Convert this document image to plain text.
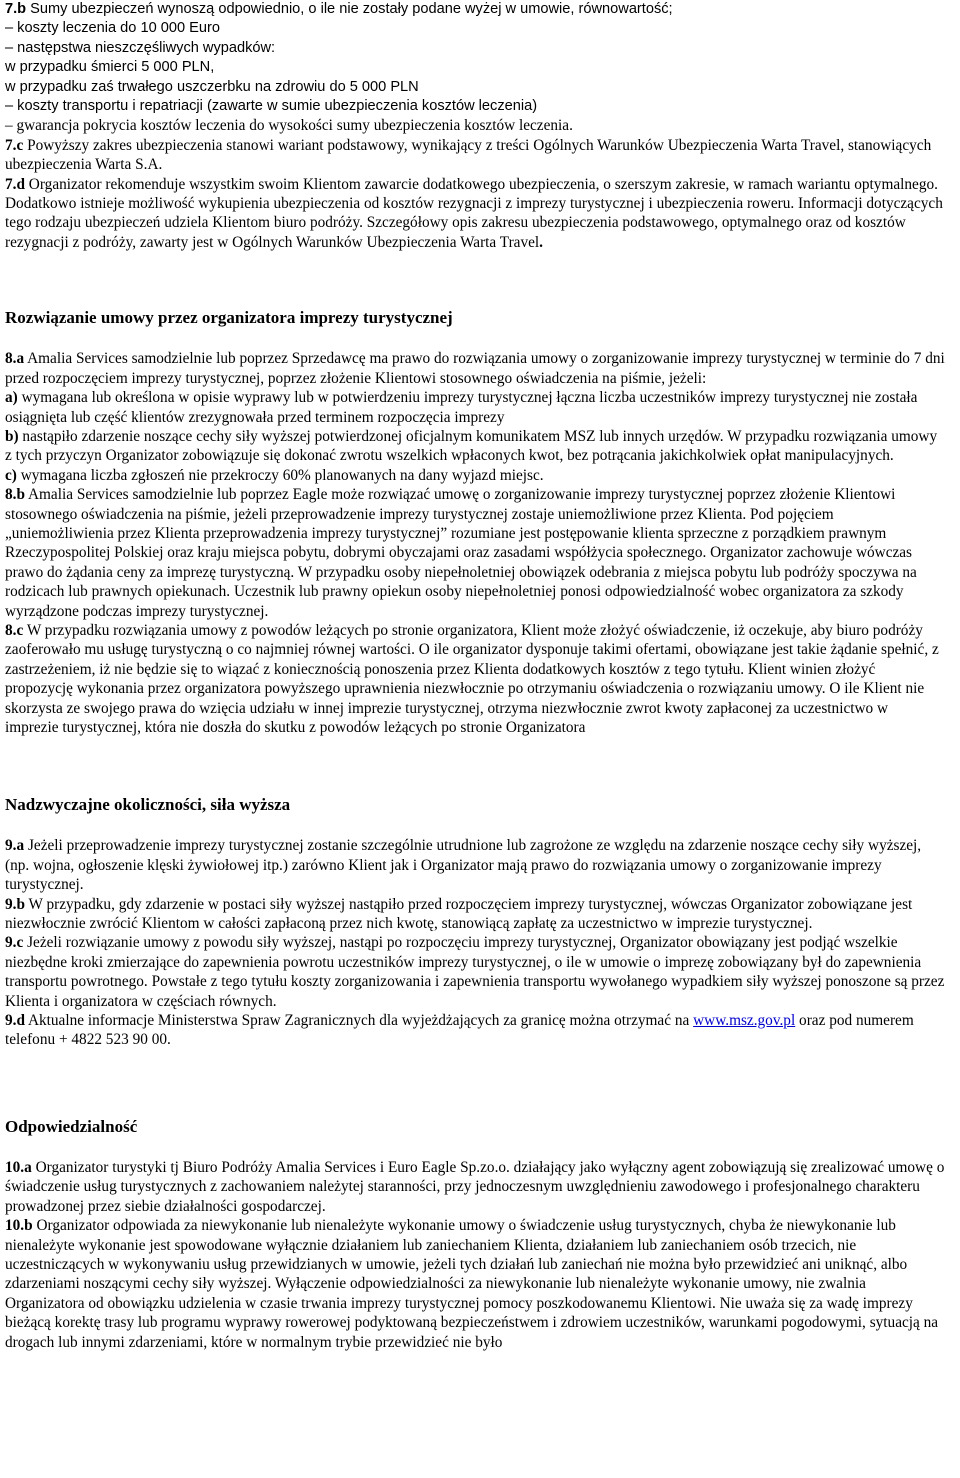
7.b Sumy ubezpieczeń wynoszą odpowiednio, o ile nie zostały podane wyżej w umowie, równowartość;

– koszty leczenia do 10 000 Euro

– następstwa nieszczęśliwych wypadków:

w przypadku śmierci 5 000 PLN,

w przypadku zaś trwałego uszczerbku na zdrowiu do 5 000 PLN

– koszty transportu i repatriacji (zawarte w sumie ubezpieczenia kosztów leczenia)

– gwarancja pokrycia kosztów leczenia do wysokości sumy ubezpieczenia kosztów leczenia.

7.c Powyższy zakres ubezpieczenia stanowi wariant podstawowy, wynikający z treści Ogólnych Warunków Ubezpieczenia Warta Travel, stanowiących ubezpieczenia Warta S.A.

7.d Organizator rekomenduje wszystkim swoim Klientom zawarcie dodatkowego ubezpieczenia, o szerszym zakresie, w ramach wariantu optymalnego. Dodatkowo istnieje możliwość wykupienia ubezpieczenia od kosztów rezygnacji z imprezy turystycznej i ubezpieczenia roweru. Informacji dotyczących tego rodzaju ubezpieczeń udziela Klientom biuro podróży. Szczegółowy opis zakresu ubezpieczenia podstawowego, optymalnego oraz od kosztów rezygnacji z podróży, zawarty jest w Ogólnych Warunków Ubezpieczenia Warta Travel.

Rozwiązanie umowy przez organizatora imprezy turystycznej

8.a Amalia Services samodzielnie lub poprzez Sprzedawcę ma prawo do rozwiązania umowy o zorganizowanie imprezy turystycznej w terminie do 7 dni przed rozpoczęciem imprezy turystycznej, poprzez złożenie Klientowi stosownego oświadczenia na piśmie, jeżeli:

a) wymagana lub określona w opisie wyprawy lub w potwierdzeniu imprezy turystycznej łączna liczba uczestników imprezy turystycznej nie została osiągnięta lub część klientów zrezygnowała przed terminem rozpoczęcia imprezy

b) nastąpiło zdarzenie noszące cechy siły wyższej potwierdzonej oficjalnym komunikatem MSZ lub innych urzędów. W przypadku rozwiązania umowy z tych przyczyn Organizator zobowiązuje się dokonać zwrotu wszelkich wpłaconych kwot, bez potrącania jakichkolwiek opłat manipulacyjnych.

c) wymagana liczba zgłoszeń nie przekroczy 60% planowanych na dany wyjazd miejsc.

8.b Amalia Services samodzielnie lub poprzez Eagle może rozwiązać umowę o zorganizowanie imprezy turystycznej poprzez złożenie Klientowi stosownego oświadczenia na piśmie, jeżeli przeprowadzenie imprezy turystycznej zostaje uniemożliwione przez Klienta. Pod pojęciem „uniemożliwienia przez Klienta przeprowadzenia imprezy turystycznej” rozumiane jest postępowanie klienta sprzeczne z porządkiem prawnym Rzeczypospolitej Polskiej oraz kraju miejsca pobytu, dobrymi obyczajami oraz zasadami współżycia społecznego. Organizator zachowuje wówczas prawo do żądania ceny za imprezę turystyczną. W przypadku osoby niepełnoletniej obowiązek odebrania z miejsca pobytu lub podróży spoczywa na rodzicach lub prawnych opiekunach. Uczestnik lub prawny opiekun osoby niepełnoletniej ponosi odpowiedzialność wobec organizatora za szkody wyrządzone podczas imprezy turystycznej.

8.c W przypadku rozwiązania umowy z powodów leżących po stronie organizatora, Klient może złożyć oświadczenie, iż oczekuje, aby biuro podróży zaoferowało mu usługę turystyczną o co najmniej równej wartości. O ile organizator dysponuje takimi ofertami, obowiązane jest takie żądanie spełnić, z zastrzeżeniem, iż nie będzie się to wiązać z koniecznością ponoszenia przez Klienta dodatkowych kosztów z tego tytułu. Klient winien złożyć propozycję wykonania przez organizatora powyższego uprawnienia niezwłocznie po otrzymaniu oświadczenia o rozwiązaniu umowy. O ile Klient nie skorzysta ze swojego prawa do wzięcia udziału w innej imprezie turystycznej, otrzyma niezwłocznie zwrot kwoty zapłaconej za uczestnictwo w imprezie turystycznej, która nie doszła do skutku z powodów leżących po stronie Organizatora

Nadzwyczajne okoliczności, siła wyższa

9.a Jeżeli przeprowadzenie imprezy turystycznej zostanie szczególnie utrudnione lub zagrożone ze względu na zdarzenie noszące cechy siły wyższej, (np. wojna, ogłoszenie klęski żywiołowej itp.) zarówno Klient jak i Organizator mają prawo do rozwiązania umowy o zorganizowanie imprezy turystycznej.

9.b W przypadku, gdy zdarzenie w postaci siły wyższej nastąpiło przed rozpoczęciem imprezy turystycznej, wówczas Organizator zobowiązane jest niezwłocznie zwrócić Klientom w całości zapłaconą przez nich kwotę, stanowiącą zapłatę za uczestnictwo w imprezie turystycznej.

9.c Jeżeli rozwiązanie umowy z powodu siły wyższej, nastąpi po rozpoczęciu imprezy turystycznej, Organizator obowiązany jest podjąć wszelkie niezbędne kroki zmierzające do zapewnienia powrotu uczestników imprezy turystycznej, o ile w umowie o imprezę zobowiązany był do zapewnienia transportu powrotnego. Powstałe z tego tytułu koszty zorganizowania i zapewnienia transportu wywołanego wypadkiem siły wyższej ponoszone są przez Klienta i organizatora w częściach równych.

9.d Aktualne informacje Ministerstwa Spraw Zagranicznych dla wyjeżdżających za granicę można otrzymać na www.msz.gov.pl oraz pod numerem telefonu + 4822 523 90 00.

Odpowiedzialność

10.a Organizator turystyki tj Biuro Podróży Amalia Services i Euro Eagle Sp.zo.o. działający jako wyłączny agent zobowiązują się zrealizować umowę o świadczenie usług turystycznych z zachowaniem należytej staranności, przy jednoczesnym uwzględnieniu zawodowego i profesjonalnego charakteru prowadzonej przez siebie działalności gospodarczej.

10.b Organizator odpowiada za niewykonanie lub nienależyte wykonanie umowy o świadczenie usług turystycznych, chyba że niewykonanie lub nienależyte wykonanie jest spowodowane wyłącznie działaniem lub zaniechaniem Klienta, działaniem lub zaniechaniem osób trzecich, nie uczestniczących w wykonywaniu usług przewidzianych w umowie, jeżeli tych działań lub zaniechań nie można było przewidzieć ani uniknąć, albo zdarzeniami noszącymi cechy siły wyższej. Wyłączenie odpowiedzialności za niewykonanie lub nienależyte wykonanie umowy, nie zwalnia Organizatora od obowiązku udzielenia w czasie trwania imprezy turystycznej pomocy poszkodowanemu Klientowi. Nie uważa się za wadę imprezy bieżącą korektę trasy lub programu wyprawy rowerowej podyktowaną bezpieczeństwem i zdrowiem uczestników, warunkami pogodowymi, sytuacją na drogach lub innymi zdarzeniami, które w normalnym trybie przewidzieć nie było
